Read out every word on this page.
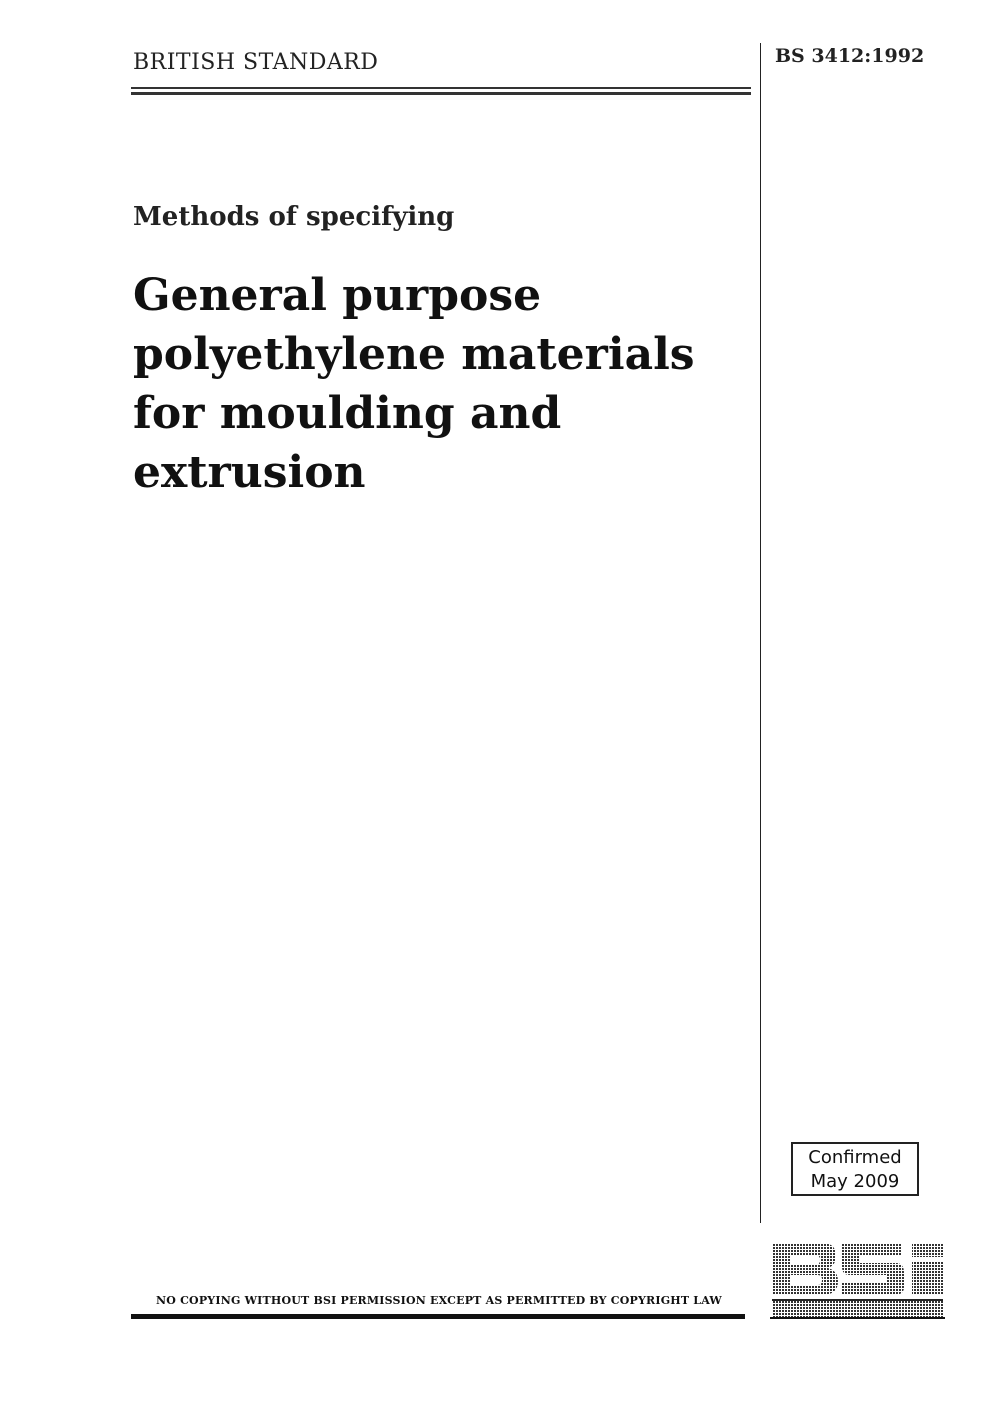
BRITISH STANDARD	BS 3412:1992
Methods of specifying
General purpose
polyethylene materials
for moulding and
extrusion
Confirmed
May 2009
NO COPYING WITHOUT BSI PERMISSION EXCEPT AS PERMITTED BY COPYRIGHT LAW
